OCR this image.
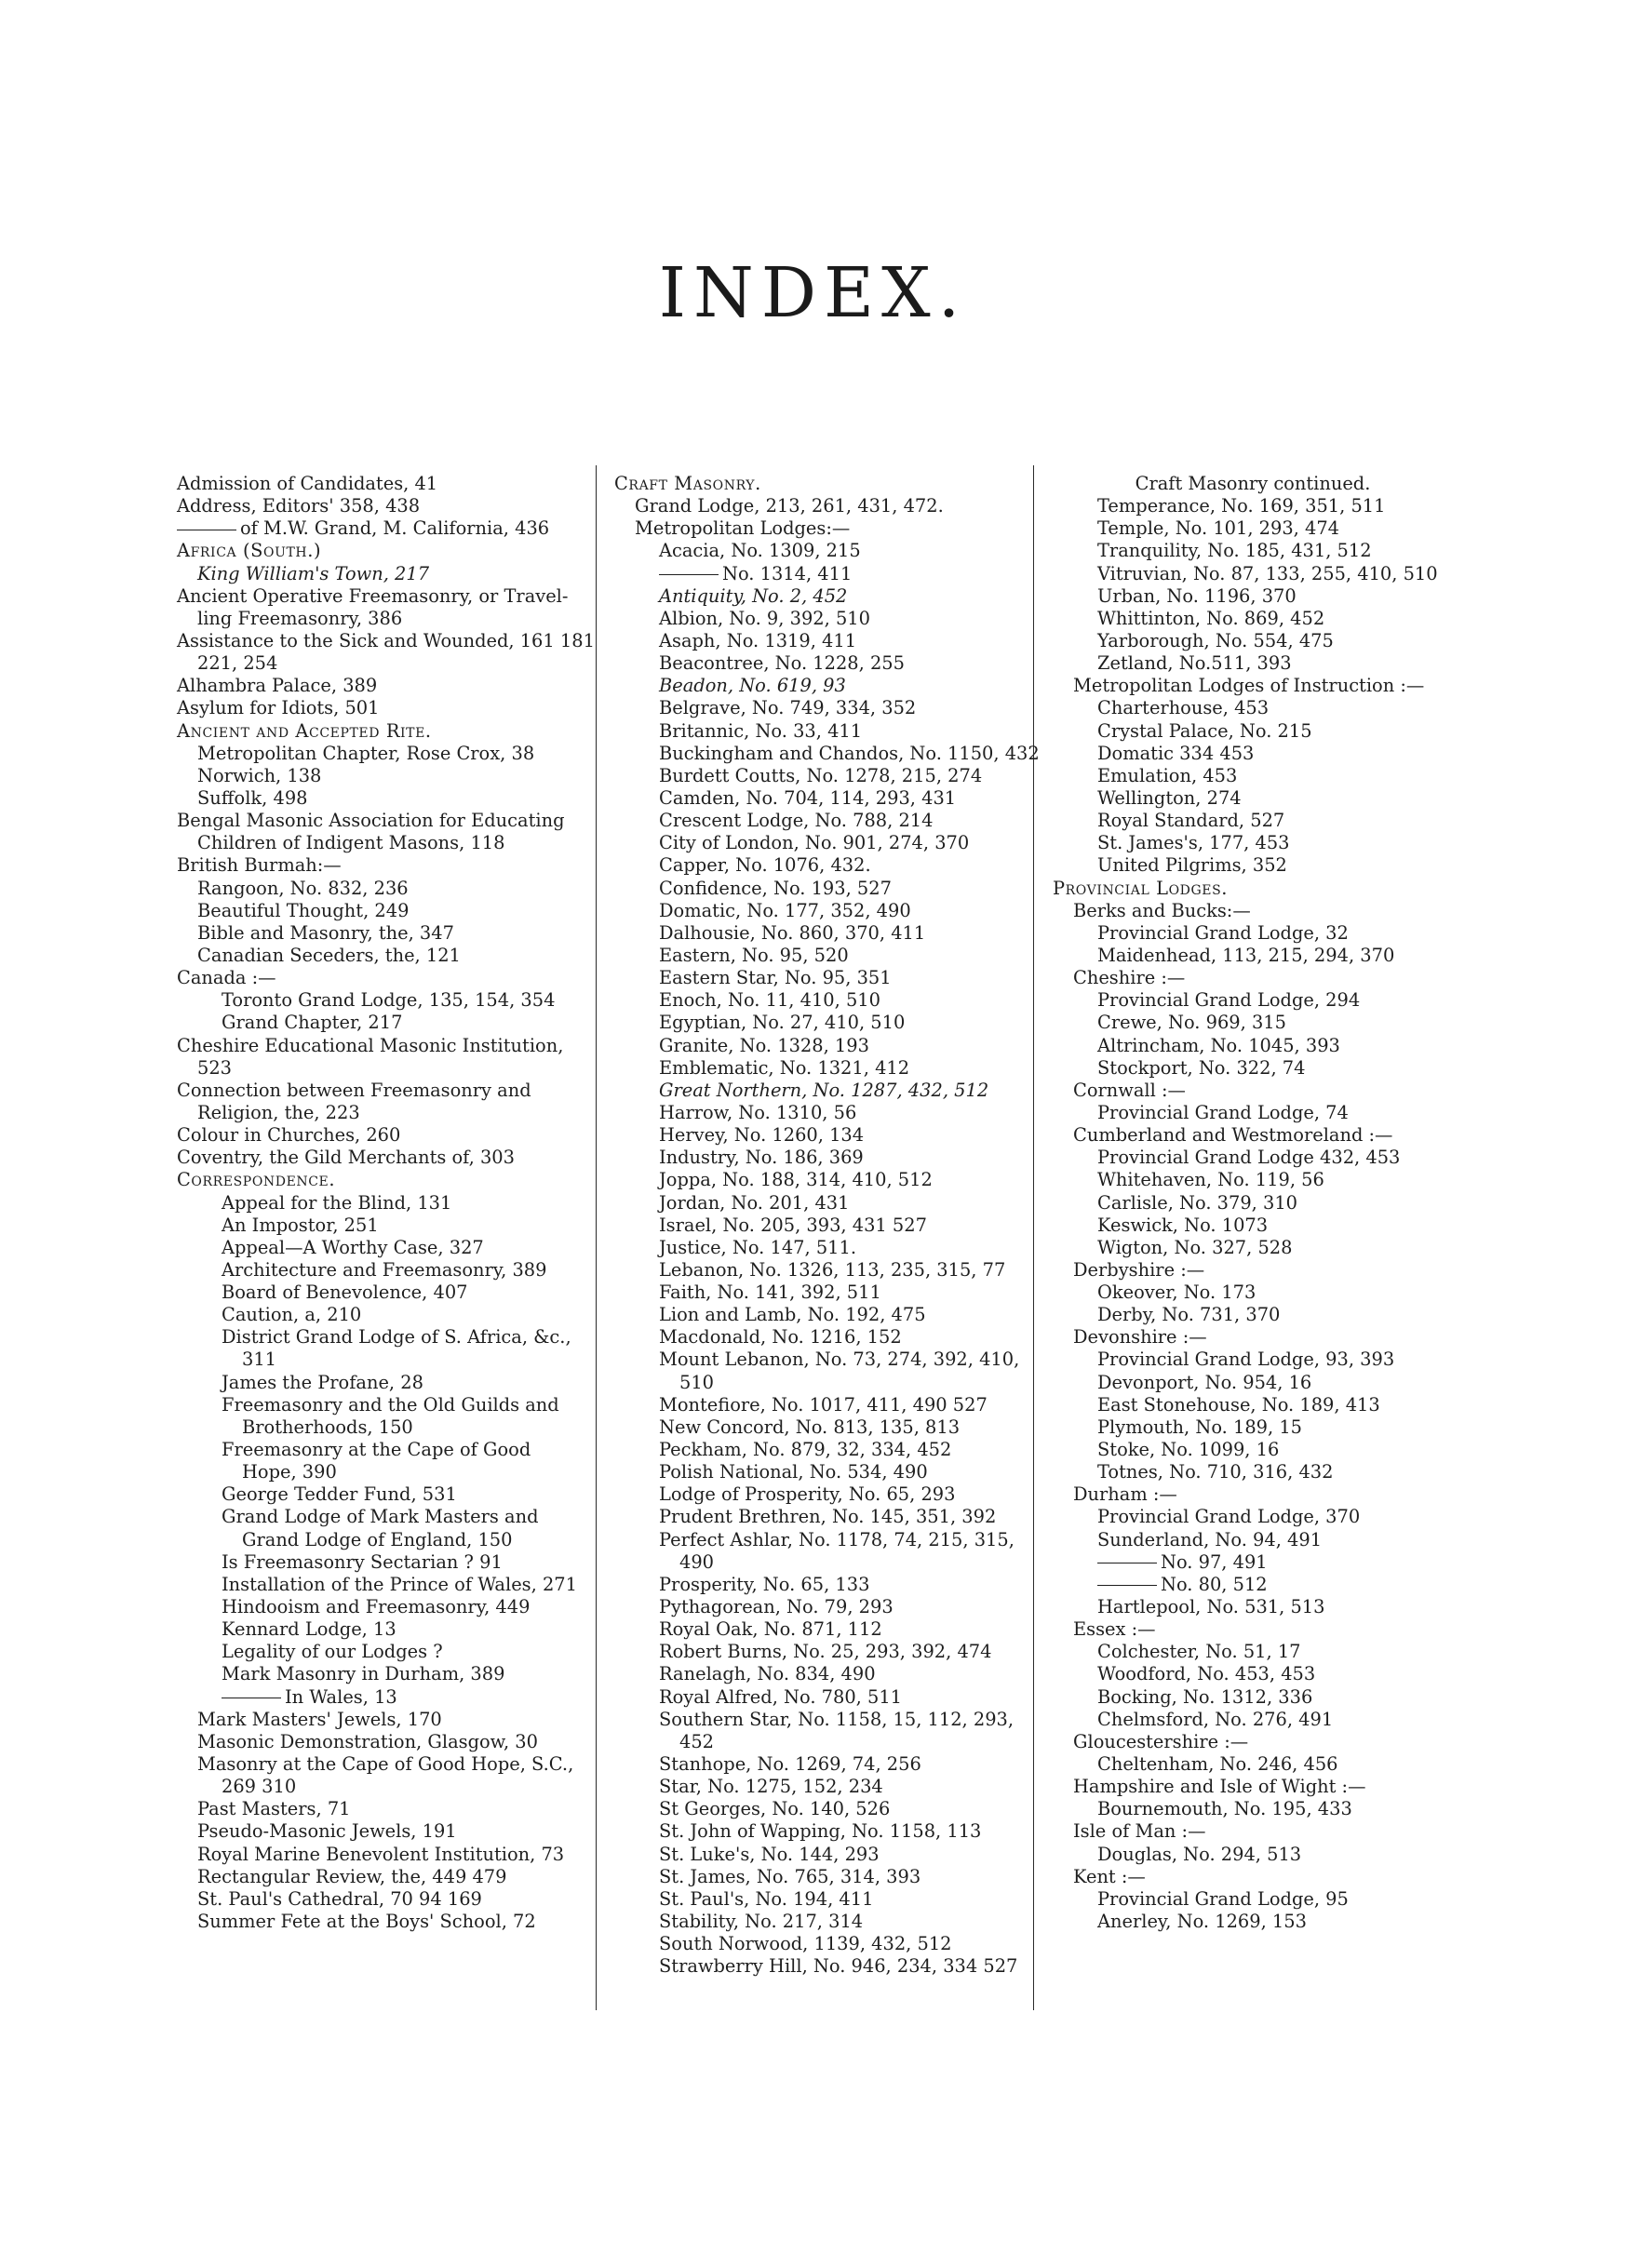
INDEX.
Admission of Candidates, 41
Address, Editors' 358, 438
of M.W. Grand, M. California, 436
Africa (South.)
King William's Town, 217
Ancient Operative Freemasonry, or Travel-
ling Freemasonry, 386
Assistance to the Sick and Wounded, 161 181
221, 254
Alhambra Palace, 389
Asylum for Idiots, 501
Ancient and Accepted Rite.
Metropolitan Chapter, Rose Crox, 38
Norwich, 138
Suffolk, 498
Bengal Masonic Association for Educating
Children of Indigent Masons, 118
British Burmah:—
Rangoon, No. 832, 236
Beautiful Thought, 249
Bible and Masonry, the, 347
Canadian Seceders, the, 121
Canada :—
Toronto Grand Lodge, 135, 154, 354
Grand Chapter, 217
Cheshire Educational Masonic Institution,
523
Connection between Freemasonry and
Religion, the, 223
Colour in Churches, 260
Coventry, the Gild Merchants of, 303
Correspondence.
Appeal for the Blind, 131
An Impostor, 251
Appeal—A Worthy Case, 327
Architecture and Freemasonry, 389
Board of Benevolence, 407
Caution, a, 210
District Grand Lodge of S. Africa, &c.,
311
James the Profane, 28
Freemasonry and the Old Guilds and
Brotherhoods, 150
Freemasonry at the Cape of Good
Hope, 390
George Tedder Fund, 531
Grand Lodge of Mark Masters and
Grand Lodge of England, 150
Is Freemasonry Sectarian ? 91
Installation of the Prince of Wales, 271
Hindooism and Freemasonry, 449
Kennard Lodge, 13
Legality of our Lodges ?
Mark Masonry in Durham, 389
In Wales, 13
Mark Masters' Jewels, 170
Masonic Demonstration, Glasgow, 30
Masonry at the Cape of Good Hope, S.C.,
269 310
Past Masters, 71
Pseudo-Masonic Jewels, 191
Royal Marine Benevolent Institution, 73
Rectangular Review, the, 449 479
St. Paul's Cathedral, 70 94 169
Summer Fete at the Boys' School, 72
Craft Masonry.
Grand Lodge, 213, 261, 431, 472.
Metropolitan Lodges:—
Acacia, No. 1309, 215
No. 1314, 411
Antiquity, No. 2, 452
Albion, No. 9, 392, 510
Asaph, No. 1319, 411
Beacontree, No. 1228, 255
Beadon, No. 619, 93
Belgrave, No. 749, 334, 352
Britannic, No. 33, 411
Buckingham and Chandos, No. 1150, 432
Burdett Coutts, No. 1278, 215, 274
Camden, No. 704, 114, 293, 431
Crescent Lodge, No. 788, 214
City of London, No. 901, 274, 370
Capper, No. 1076, 432.
Confidence, No. 193, 527
Domatic, No. 177, 352, 490
Dalhousie, No. 860, 370, 411
Eastern, No. 95, 520
Eastern Star, No. 95, 351
Enoch, No. 11, 410, 510
Egyptian, No. 27, 410, 510
Granite, No. 1328, 193
Emblematic, No. 1321, 412
Great Northern, No. 1287, 432, 512
Harrow, No. 1310, 56
Hervey, No. 1260, 134
Industry, No. 186, 369
Joppa, No. 188, 314, 410, 512
Jordan, No. 201, 431
Israel, No. 205, 393, 431 527
Justice, No. 147, 511.
Lebanon, No. 1326, 113, 235, 315, 77
Faith, No. 141, 392, 511
Lion and Lamb, No. 192, 475
Macdonald, No. 1216, 152
Mount Lebanon, No. 73, 274, 392, 410,
510
Montefiore, No. 1017, 411, 490 527
New Concord, No. 813, 135, 813
Peckham, No. 879, 32, 334, 452
Polish National, No. 534, 490
Lodge of Prosperity, No. 65, 293
Prudent Brethren, No. 145, 351, 392
Perfect Ashlar, No. 1178, 74, 215, 315,
490
Prosperity, No. 65, 133
Pythagorean, No. 79, 293
Royal Oak, No. 871, 112
Robert Burns, No. 25, 293, 392, 474
Ranelagh, No. 834, 490
Royal Alfred, No. 780, 511
Southern Star, No. 1158, 15, 112, 293,
452
Stanhope, No. 1269, 74, 256
Star, No. 1275, 152, 234
St Georges, No. 140, 526
St. John of Wapping, No. 1158, 113
St. Luke's, No. 144, 293
St. James, No. 765, 314, 393
St. Paul's, No. 194, 411
Stability, No. 217, 314
South Norwood, 1139, 432, 512
Strawberry Hill, No. 946, 234, 334 527
Craft Masonry continued.
Temperance, No. 169, 351, 511
Temple, No. 101, 293, 474
Tranquility, No. 185, 431, 512
Vitruvian, No. 87, 133, 255, 410, 510
Urban, No. 1196, 370
Whittinton, No. 869, 452
Yarborough, No. 554, 475
Zetland, No.511, 393
Metropolitan Lodges of Instruction :—
Charterhouse, 453
Crystal Palace, No. 215
Domatic 334 453
Emulation, 453
Wellington, 274
Royal Standard, 527
St. James's, 177, 453
United Pilgrims, 352
Provincial Lodges.
Berks and Bucks:—
Provincial Grand Lodge, 32
Maidenhead, 113, 215, 294, 370
Cheshire :—
Provincial Grand Lodge, 294
Crewe, No. 969, 315
Altrincham, No. 1045, 393
Stockport, No. 322, 74
Cornwall :—
Provincial Grand Lodge, 74
Cumberland and Westmoreland :—
Provincial Grand Lodge 432, 453
Whitehaven, No. 119, 56
Carlisle, No. 379, 310
Keswick, No. 1073
Wigton, No. 327, 528
Derbyshire :—
Okeover, No. 173
Derby, No. 731, 370
Devonshire :—
Provincial Grand Lodge, 93, 393
Devonport, No. 954, 16
East Stonehouse, No. 189, 413
Plymouth, No. 189, 15
Stoke, No. 1099, 16
Totnes, No. 710, 316, 432
Durham :—
Provincial Grand Lodge, 370
Sunderland, No. 94, 491
No. 97, 491
No. 80, 512
Hartlepool, No. 531, 513
Essex :—
Colchester, No. 51, 17
Woodford, No. 453, 453
Bocking, No. 1312, 336
Chelmsford, No. 276, 491
Gloucestershire :—
Cheltenham, No. 246, 456
Hampshire and Isle of Wight :—
Bournemouth, No. 195, 433
Isle of Man :—
Douglas, No. 294, 513
Kent :—
Provincial Grand Lodge, 95
Anerley, No. 1269, 153
